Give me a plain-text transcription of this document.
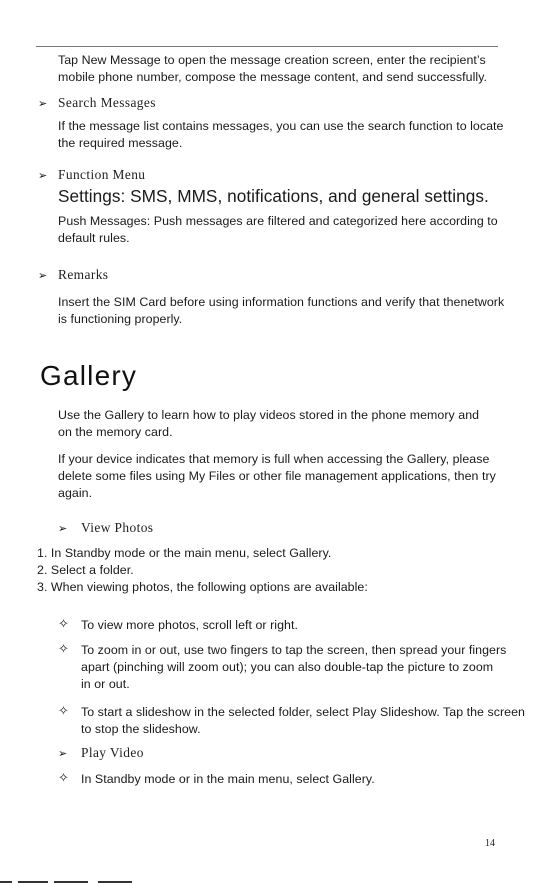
Tap New Message to open the message creation screen, enter the recipient’s

mobile phone number, compose the message content, and send successfully.

➢ Search Messages

If the message list contains messages, you can use the search function to locate

the required message.

➢ Function Menu

Settings: SMS, MMS, notifications, and general settings.

Push Messages: Push messages are filtered and categorized here according to

default rules.

➢ Remarks

Insert the SIM Card before using information functions and verify that thenetwork

is functioning properly.

Gallery

Use the Gallery to learn how to play videos stored in the phone memory and

on the memory card.

If your device indicates that memory is full when accessing the Gallery, please

delete some files using My Files or other file management applications, then try

again.

➢ View Photos

1. In Standby mode or the main menu, select Gallery.

2. Select a folder.

3. When viewing photos, the following options are available:

✧ To view more photos, scroll left or right.

✧ To zoom in or out, use two fingers to tap the screen, then spread your fingers

apart (pinching will zoom out); you can also double-tap the picture to zoom

in or out.

✧ To start a slideshow in the selected folder, select Play Slideshow. Tap the screen

to stop the slideshow.

➢ Play Video

✧ In Standby mode or in the main menu, select Gallery.

14
